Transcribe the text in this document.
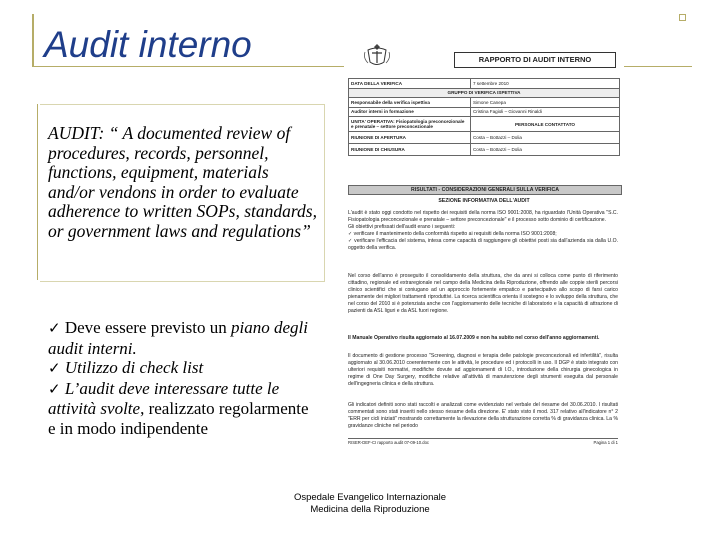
Audit interno
AUDIT: “ A documented review of procedures, records, personnel, functions, equipment, materials and/or vendons in order to evaluate adherence to written SOPs, standards, or government laws and regulations”

✓ Deve essere previsto un piano degli audit interni.

✓ Utilizzo di check list

✓ L’audit deve interessare tutte le attività svolte, realizzato regolarmente e in modo indipendente

Ospedale Evangelico Internazionale
Medicina della Riproduzione
RAPPORTO DI AUDIT INTERNO
DATA DELLA VERIFICA	7 settembre 2010
GRUPPO DI VERIFICA ISPETTIVA	
Responsabile della verifica ispettiva	Simone Canepa
Auditor interni in formazione	Cristina Fagioli – Giovanni Rinaldi
UNITA' OPERATIVA: Fisiopatologia preconcezionale e prenatale – settore preconcezionale	PERSONALE CONTATTATO
RIUNIONE DI APERTURA	Costa – Bottazzi – Dolia
RIUNIONE DI CHIUSURA	Costa – Bottazzi – Dolia
RISULTATI - CONSIDERAZIONI GENERALI SULLA VERIFICA
SEZIONE INFORMATIVA DELL'AUDIT
L'audit è stato oggi condotto nel rispetto dei requisiti della norma ISO 9001:2008, ha riguardato l'Unità Operativa "S.C. Fisiopatologia preconcezionale e prenatale – settore preconcezionale" e il processo sotto dominio di certificazione.
Gli obiettivi prefissati dell'audit erano i seguenti:
✓ verificare il mantenimento della conformità rispetto ai requisiti della norma ISO 9001:2008;
✓ verificare l'efficacia del sistema, intesa come capacità di raggiungere gli obiettivi posti sia dall'azienda sia dalla U.O. oggetto della verifica.
Nel corso dell'anno è proseguito il consolidamento della struttura, che da anni si colloca come punto di riferimento cittadino, regionale ed extraregionale nel campo della Medicina della Riproduzione, offrendo alle coppie sterili percorsi clinico scientifici che si coniugano ad un approccio fortemente empatico e partecipativo allo scopo di farsi carico pienamente dei migliori trattamenti riproduttivi. La ricerca scientifica orienta il sostegno e lo sviluppo della struttura, che nel corso del 2010 si è potenziata anche con l'aggiornamento delle tecniche di laboratorio e la capacità di attrazione di pazienti da ASL liguri e da ASL fuori regione.
Il Manuale Operativo risulta aggiornato al 16.07.2009 e non ha subito nel corso dell'anno aggiornamenti.
Il documento di gestione processo "Screening, diagnosi e terapia delle patologie preconcezionali ed infertilità", risulta aggiornato al 30.06.2010 coerentemente con le attività, le procedure ed i protocolli in uso. Il DGP è stato integrato con ulteriori requisiti normativi, modifiche dovute ad aggiornamenti di I.O., introduzione della chirurgia ginecologica in regime di One Day Surgery, modifiche relative all'attività di manutenzione degli strumenti eseguita dal personale dell'ingegneria clinica e della struttura.
Gli indicatori definiti sono stati raccolti e analizzati come evidenziato nel verbale del riesame del 30.06.2010. I risultati commentati sono stati inseriti nello stesso riesame della direzione. E' stato visto il mod. 317 relativo all'indicatore n° 2 "ERR per cicli iniziati" mostrando correttamente la rilevazione della strutturazione corretta % di gravidanza clinica. La % gravidanze cliniche nel periodo
RISER-DEF-CI rapporto audit 07-09-10.doc	Pagina 1 di 1
